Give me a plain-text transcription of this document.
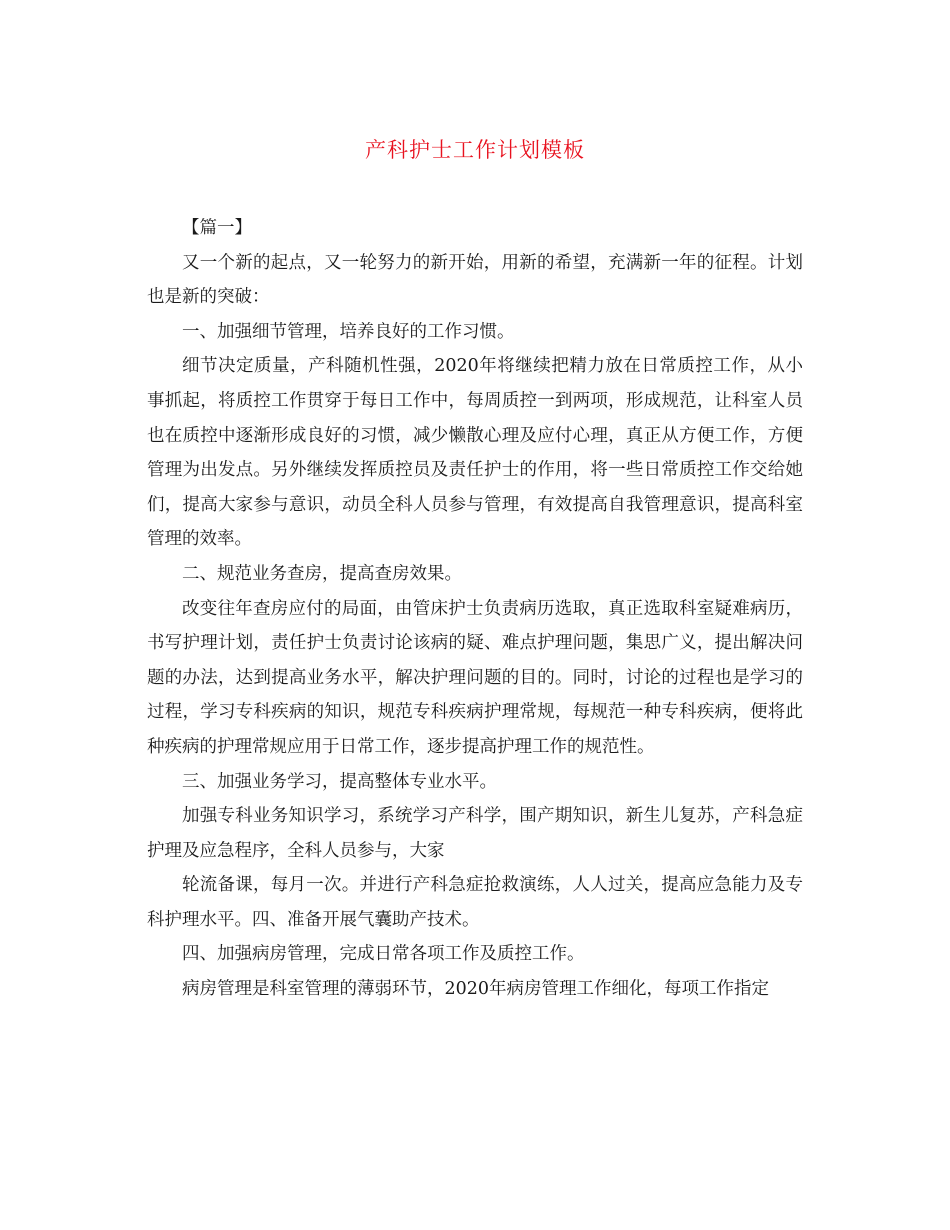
产科护士工作计划模板

【篇一】

又一个新的起点，又一轮努力的新开始，用新的希望，充满新一年的征程。计划也是新的突破：

一、加强细节管理，培养良好的工作习惯。

细节决定质量，产科随机性强，2020年将继续把精力放在日常质控工作，从小事抓起，将质控工作贯穿于每日工作中，每周质控一到两项，形成规范，让科室人员也在质控中逐渐形成良好的习惯，减少懒散心理及应付心理，真正从方便工作，方便管理为出发点。另外继续发挥质控员及责任护士的作用，将一些日常质控工作交给她们，提高大家参与意识，动员全科人员参与管理，有效提高自我管理意识，提高科室管理的效率。

二、规范业务查房，提高查房效果。

改变往年查房应付的局面，由管床护士负责病历选取，真正选取科室疑难病历，书写护理计划，责任护士负责讨论该病的疑、难点护理问题，集思广义，提出解决问题的办法，达到提高业务水平，解决护理问题的目的。同时，讨论的过程也是学习的过程，学习专科疾病的知识，规范专科疾病护理常规，每规范一种专科疾病，便将此种疾病的护理常规应用于日常工作，逐步提高护理工作的规范性。

三、加强业务学习，提高整体专业水平。

加强专科业务知识学习，系统学习产科学，围产期知识，新生儿复苏，产科急症护理及应急程序，全科人员参与，大家

轮流备课，每月一次。并进行产科急症抢救演练，人人过关，提高应急能力及专科护理水平。四、准备开展气囊助产技术。

四、加强病房管理，完成日常各项工作及质控工作。

病房管理是科室管理的薄弱环节，2020年病房管理工作细化，每项工作指定
